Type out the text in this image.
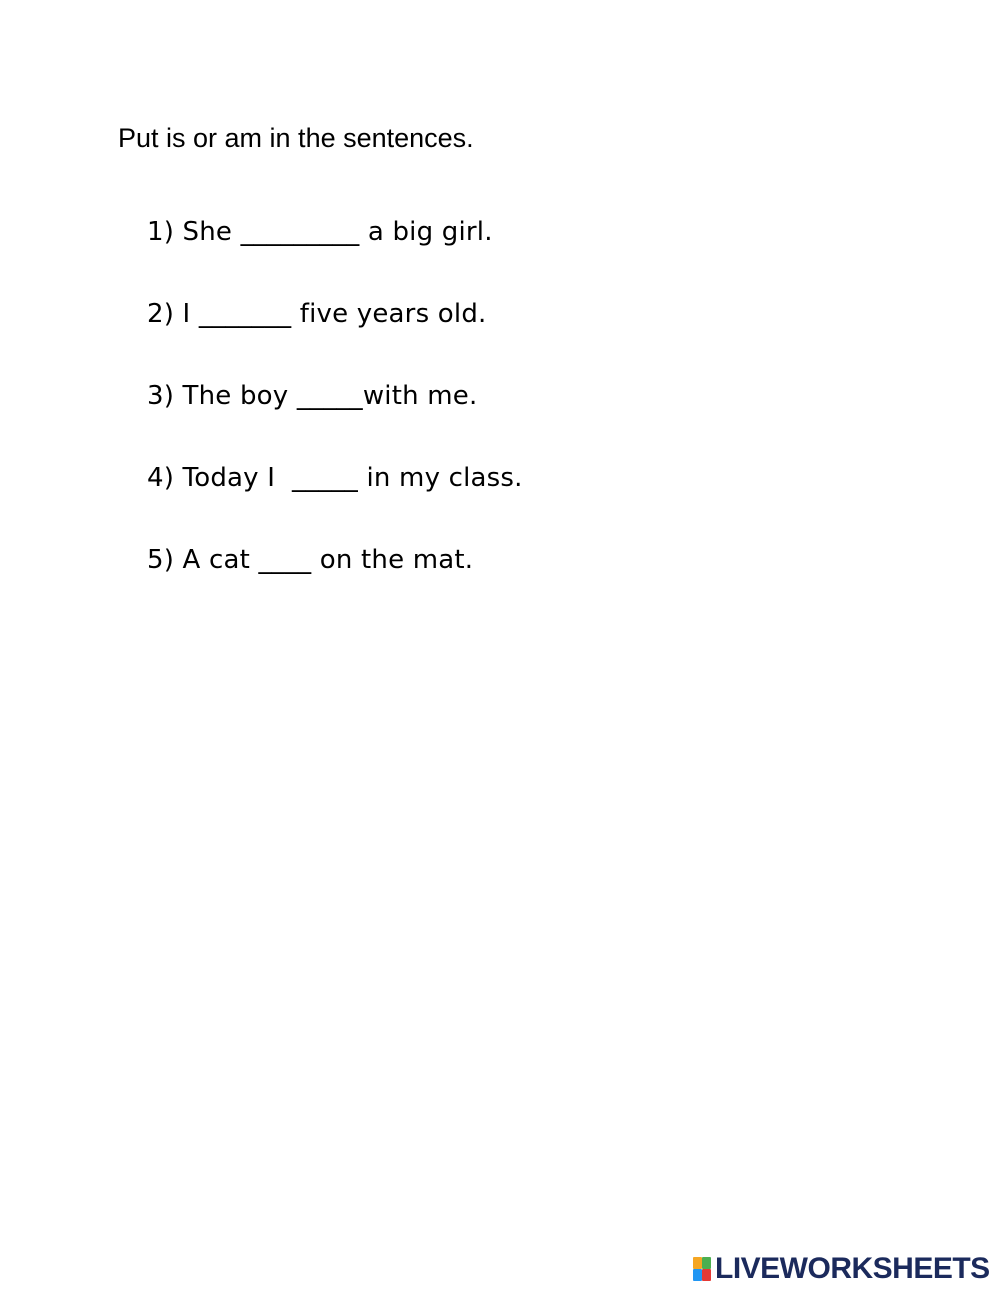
Put is or am in the sentences.
1) She _________ a big girl.
2) I _______ five years old.
3) The boy _____with me.
4) Today I  _____ in my class.
5) A cat ____ on the mat.
LIVEWORKSHEETS
